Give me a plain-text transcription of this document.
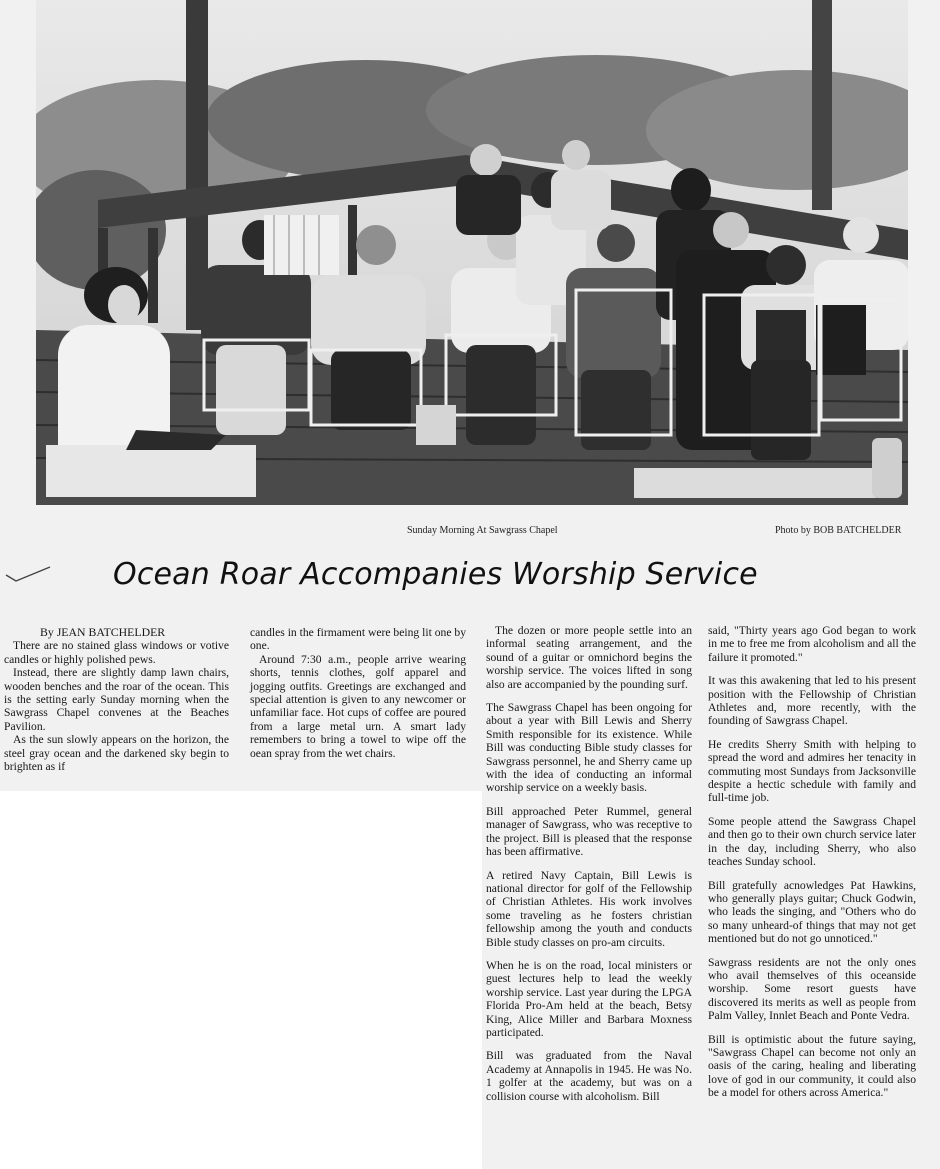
Sunday Morning At Sawgrass Chapel	Photo by BOB BATCHELDER
Ocean Roar Accompanies Worship Service

By JEAN BATCHELDER

There are no stained glass windows or votive candles or highly polished pews.

Instead, there are slightly damp lawn chairs, wooden benches and the roar of the ocean. This is the setting early Sunday morning when the Sawgrass Chapel convenes at the Beaches Pavilion.

As the sun slowly appears on the horizon, the steel gray ocean and the darkened sky begin to brighten as if

candles in the firmament were being lit one by one.

Around 7:30 a.m., people arrive wearing shorts, tennis clothes, golf apparel and jogging outfits. Greetings are exchanged and special attention is given to any newcomer or unfamiliar face. Hot cups of coffee are poured from a large metal urn. A smart lady remembers to bring a towel to wipe off the oean spray from the wet chairs.

The dozen or more people settle into an informal seating arrangement, and the sound of a guitar or omnichord begins the worship service. The voices lifted in song also are accompanied by the pounding surf.

The Sawgrass Chapel has been ongoing for about a year with Bill Lewis and Sherry Smith responsible for its existence. While Bill was conducting Bible study classes for Sawgrass personnel, he and Sherry came up with the idea of conducting an informal worship service on a weekly basis.

Bill approached Peter Rummel, general manager of Sawgrass, who was receptive to the project. Bill is pleased that the response has been affirmative.

A retired Navy Captain, Bill Lewis is national director for golf of the Fellowship of Christian Athletes. His work involves some traveling as he fosters christian fellowship among the youth and conducts Bible study classes on pro-am circuits.

When he is on the road, local ministers or guest lectures help to lead the weekly worship service. Last year during the LPGA Florida Pro-Am held at the beach, Betsy King, Alice Miller and Barbara Moxness participated.

Bill was graduated from the Naval Academy at Annapolis in 1945. He was No. 1 golfer at the academy, but was on a collision course with alcoholism. Bill

said, "Thirty years ago God began to work in me to free me from alcoholism and all the failure it promoted."

It was this awakening that led to his present position with the Fellowship of Christian Athletes and, more recently, with the founding of Sawgrass Chapel.

He credits Sherry Smith with helping to spread the word and admires her tenacity in commuting most Sundays from Jacksonville despite a hectic schedule with family and full-time job.

Some people attend the Sawgrass Chapel and then go to their own church service later in the day, including Sherry, who also teaches Sunday school.

Bill gratefully acnowledges Pat Hawkins, who generally plays guitar; Chuck Godwin, who leads the singing, and "Others who do so many unheard-of things that may not get mentioned but do not go unnoticed."

Sawgrass residents are not the only ones who avail themselves of this oceanside worship. Some resort guests have discovered its merits as well as people from Palm Valley, Innlet Beach and Ponte Vedra.

Bill is optimistic about the future saying, "Sawgrass Chapel can become not only an oasis of the caring, healing and liberating love of god in our community, it could also be a model for others across America."
